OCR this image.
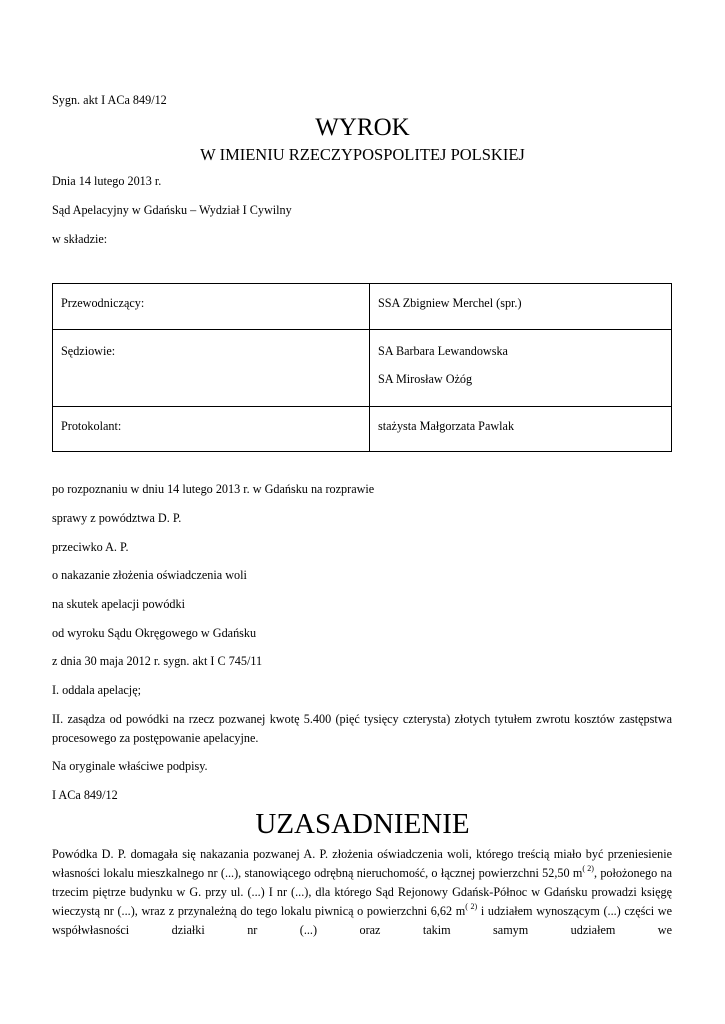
Sygn. akt I ACa 849/12
WYROK
W IMIENIU RZECZYPOSPOLITEJ POLSKIEJ
Dnia 14 lutego 2013 r.
Sąd Apelacyjny w Gdańsku – Wydział I Cywilny
w składzie:
Przewodniczący:	SSA Zbigniew Merchel (spr.)

Sędziowie:	SA Barbara Lewandowska
SA Mirosław Ożóg

Protokolant:	stażysta Małgorzata Pawlak
po rozpoznaniu w dniu 14 lutego 2013 r. w Gdańsku na rozprawie
sprawy z powództwa D. P.
przeciwko A. P.
o nakazanie złożenia oświadczenia woli
na skutek apelacji powódki
od wyroku Sądu Okręgowego w Gdańsku
z dnia 30 maja 2012 r. sygn. akt I C 745/11
I. oddala apelację;
II. zasądza od powódki na rzecz pozwanej kwotę 5.400 (pięć tysięcy czterysta) złotych tytułem zwrotu kosztów zastępstwa procesowego za postępowanie apelacyjne.
Na oryginale właściwe podpisy.
I ACa 849/12
UZASADNIENIE
Powódka D. P. domagała się nakazania pozwanej A. P. złożenia oświadczenia woli, którego treścią miało być przeniesienie własności lokalu mieszkalnego nr (...), stanowiącego odrębną nieruchomość, o łącznej powierzchni 52,50 $m^{( 2)}$, położonego na trzecim piętrze budynku w G. przy ul. (...) I nr (...), dla którego Sąd Rejonowy Gdańsk-Północ w Gdańsku prowadzi księgę wieczystą nr (...), wraz z przynależną do tego lokalu piwnicą o powierzchni 6,62 $m^{( 2)}$ i udziałem wynoszącym (...) części we współwłasności działki nr (...) oraz takim samym udziałem we
